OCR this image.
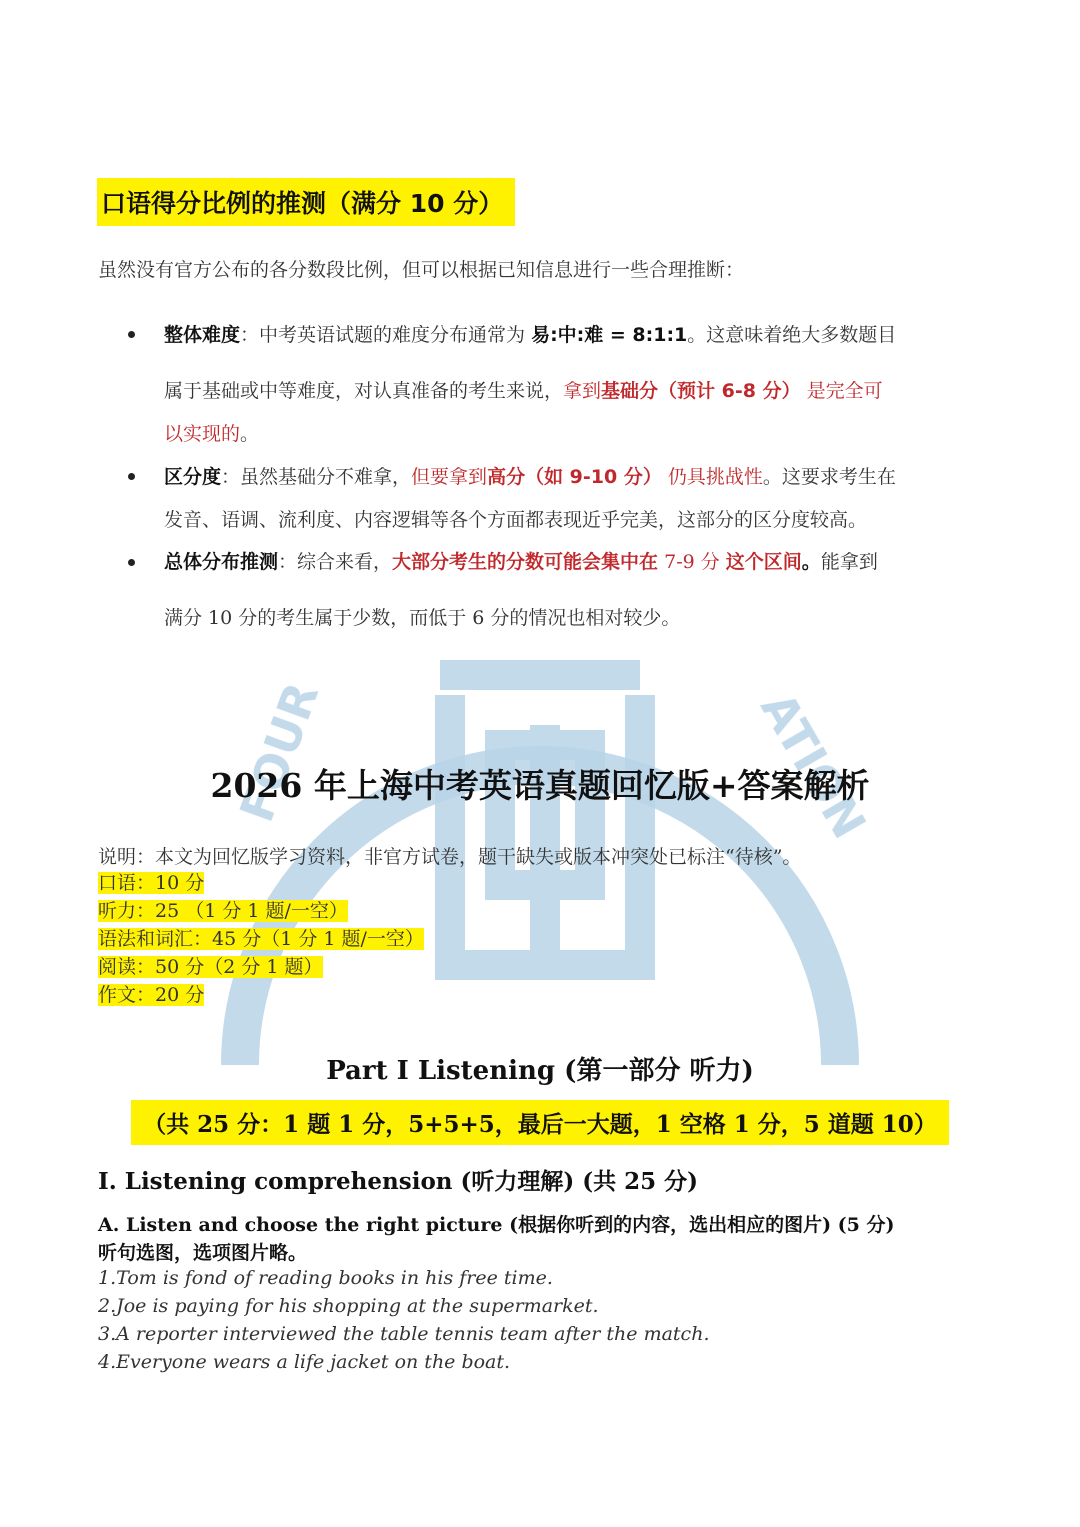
FOUR	ATION
口语得分比例的推测（满分 10 分）
虽然没有官方公布的各分数段比例，但可以根据已知信息进行一些合理推断：
整体难度：中考英语试题的难度分布通常为 易:中:难 = 8:1:1。这意味着绝大多数题目
属于基础或中等难度，对认真准备的考生来说，拿到基础分（预计 6-8 分） 是完全可
以实现的。
区分度：虽然基础分不难拿，但要拿到高分（如 9-10 分） 仍具挑战性。这要求考生在
发音、语调、流利度、内容逻辑等各个方面都表现近乎完美，这部分的区分度较高。
总体分布推测：综合来看，大部分考生的分数可能会集中在 7-9 分 这个区间。能拿到
满分 10 分的考生属于少数，而低于 6 分的情况也相对较少。
2026 年上海中考英语真题回忆版+答案解析
说明：本文为回忆版学习资料，非官方试卷，题干缺失或版本冲突处已标注“待核”。
口语：10 分
听力：25 （1 分 1 题/一空）
语法和词汇：45 分（1 分 1 题/一空）
阅读：50 分（2 分 1 题）
作文：20 分
Part I Listening (第一部分 听力)
（共 25 分：1 题 1 分，5+5+5，最后一大题，1 空格 1 分，5 道题 10）
I. Listening comprehension (听力理解) (共 25 分)
A. Listen and choose the right picture (根据你听到的内容，选出相应的图片) (5 分)
听句选图，选项图片略。
1.Tom is fond of reading books in his free time.
2.Joe is paying for his shopping at the supermarket.
3.A reporter interviewed the table tennis team after the match.
4.Everyone wears a life jacket on the boat.
